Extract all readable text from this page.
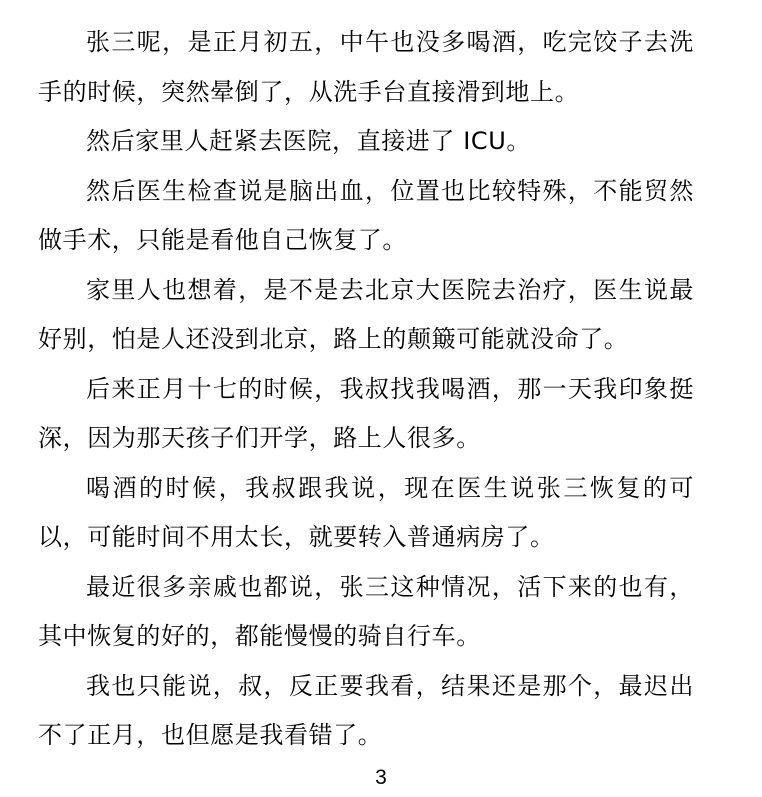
张三呢，是正月初五，中午也没多喝酒，吃完饺子去洗手的时候，突然晕倒了，从洗手台直接滑到地上。

然后家里人赶紧去医院，直接进了 ICU。

然后医生检查说是脑出血，位置也比较特殊，不能贸然做手术，只能是看他自己恢复了。

家里人也想着，是不是去北京大医院去治疗，医生说最好别，怕是人还没到北京，路上的颠簸可能就没命了。

后来正月十七的时候，我叔找我喝酒，那一天我印象挺深，因为那天孩子们开学，路上人很多。

喝酒的时候，我叔跟我说，现在医生说张三恢复的可以，可能时间不用太长，就要转入普通病房了。

最近很多亲戚也都说，张三这种情况，活下来的也有，其中恢复的好的，都能慢慢的骑自行车。

我也只能说，叔，反正要我看，结果还是那个，最迟出不了正月，也但愿是我看错了。

3
